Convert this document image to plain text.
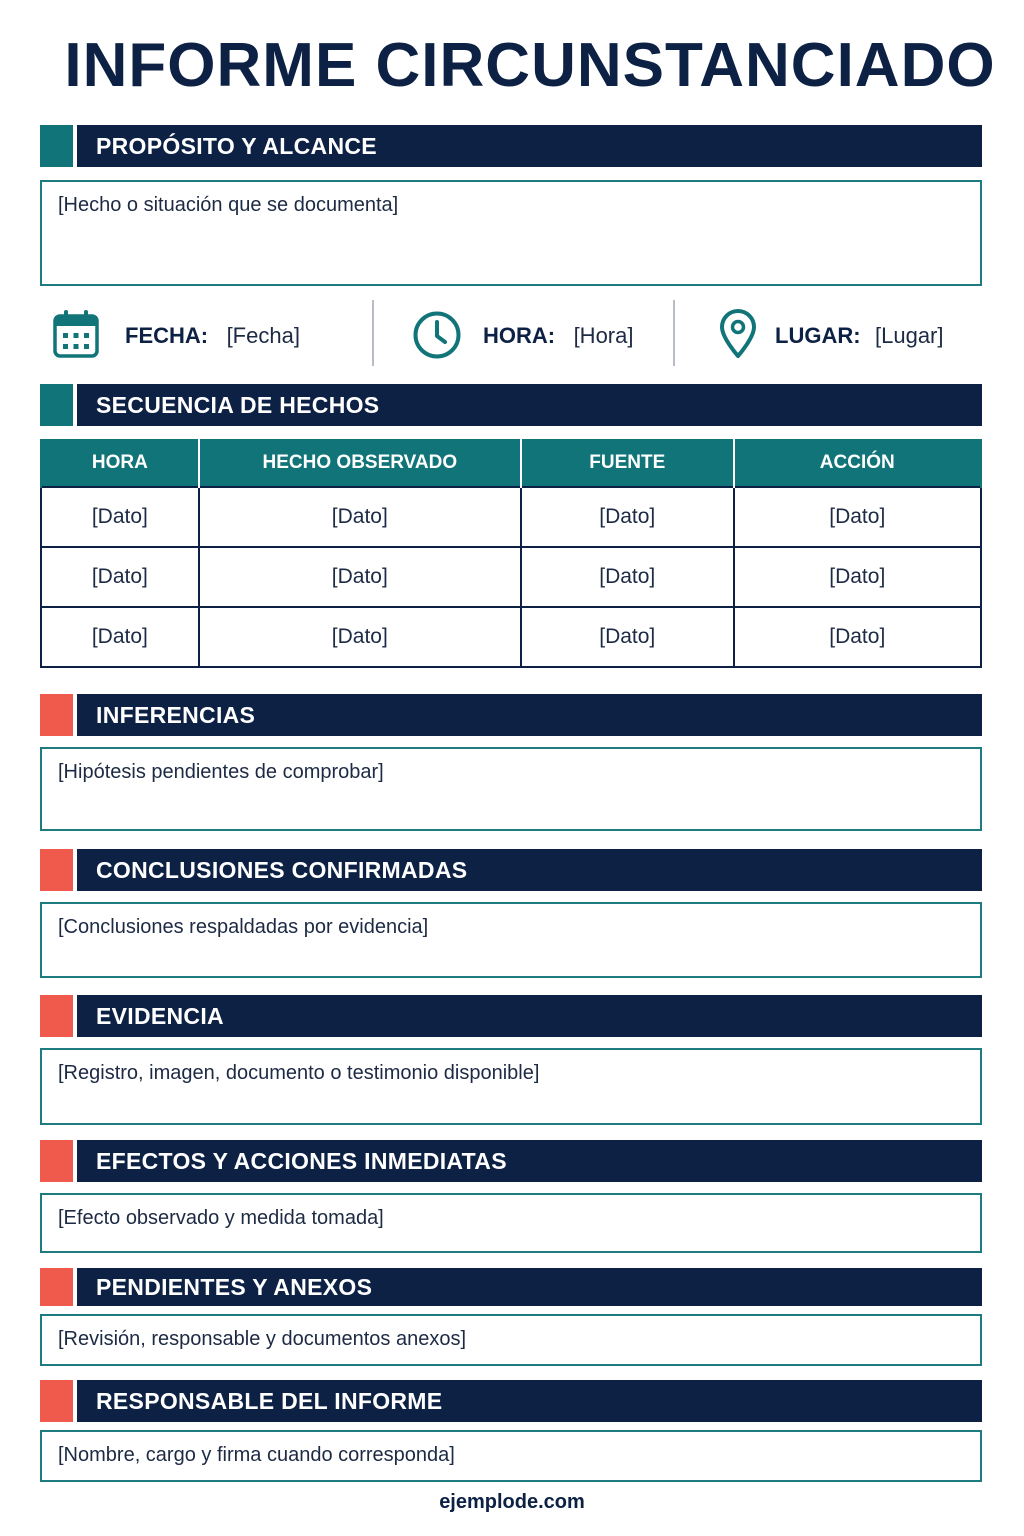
INFORME CIRCUNSTANCIADO
PROPÓSITO Y ALCANCE
[Hecho o situación que se documenta]
FECHA: [Fecha]	HORA: [Hora]	LUGAR: [Lugar]
SECUENCIA DE HECHOS
HORA	HECHO OBSERVADO	FUENTE	ACCIÓN
[Dato]	[Dato]	[Dato]	[Dato]
[Dato]	[Dato]	[Dato]	[Dato]
[Dato]	[Dato]	[Dato]	[Dato]
INFERENCIAS
[Hipótesis pendientes de comprobar]
CONCLUSIONES CONFIRMADAS
[Conclusiones respaldadas por evidencia]
EVIDENCIA
[Registro, imagen, documento o testimonio disponible]
EFECTOS Y ACCIONES INMEDIATAS
[Efecto observado y medida tomada]
PENDIENTES Y ANEXOS
[Revisión, responsable y documentos anexos]
RESPONSABLE DEL INFORME
[Nombre, cargo y firma cuando corresponda]
ejemplode.com
